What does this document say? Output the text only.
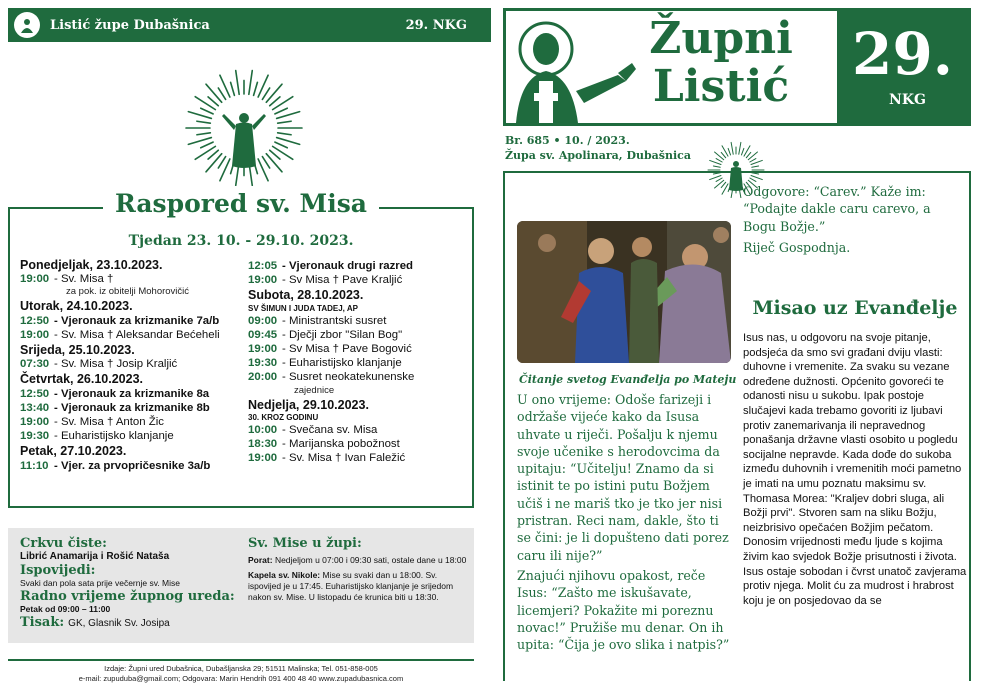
Listić župe Dubašnica	29. NKG
Raspored sv. Misa
Tjedan 23. 10. - 29.10. 2023.
Ponedjeljak, 23.10.2023.
19:00 - Sv. Misa †
za pok. iz obitelji Mohorovičić
Utorak, 24.10.2023.
12:50 - Vjeronauk za krizmanike 7a/b
19:00 - Sv. Misa † Aleksandar Bećeheli
Srijeda, 25.10.2023.
07:30 - Sv. Misa † Josip Kraljić
Četvrtak, 26.10.2023.
12:50 - Vjeronauk za krizmanike 8a
13:40 - Vjeronauk za krizmanike 8b
19:00 - Sv. Misa † Anton Žic
19:30 - Euharistijsko klanjanje
Petak, 27.10.2023.
11:10 - Vjer. za prvopričesnike 3a/b
12:05 - Vjeronauk drugi razred
19:00 - Sv Misa † Pave Kraljić
Subota, 28.10.2023.
SV ŠIMUN I JUDA TADEJ, AP
09:00 - Ministrantski susret
09:45 - Dječji zbor "Silan Bog"
19:00 - Sv Misa † Pave Bogović
19:30 - Euharistijsko klanjanje
20:00 - Susret neokatekunenske
zajednice
Nedjelja, 29.10.2023.
30. KROZ GODINU
10:00 - Svečana sv. Misa
18:30 - Marijanska pobožnost
19:00 - Sv. Misa † Ivan Faležić
Crkvu čiste:
Librić Anamarija i Rošić Nataša
Ispovijedi:
Svaki dan pola sata prije večernje sv. Mise
Radno vrijeme župnog ureda:
Petak od 09:00 – 11:00
Tisak: GK, Glasnik Sv. Josipa
Sv. Mise u župi:
Porat: Nedjeljom u 07:00 i 09:30 sati, ostale dane u 18:00
Kapela sv. Nikole: Mise su svaki dan u 18:00. Sv. ispovijed je u 17:45. Euharistijsko klanjanje je srijedom nakon sv. Mise. U listopadu će krunica biti u 18:30.
Izdaje: Župni ured Dubašnica, Dubašljanska 29; 51511 Malinska; Tel. 051-858-005
e-mail: zupuduba@gmail.com; Odgovara: Marin Hendrih 091 400 48 40 www.zupadubasnica.com
Župni
Listić	29.
NKG
Br. 685 • 10. / 2023.
Župa sv. Apolinara, Dubašnica
Čitanje svetog Evanđelja po Mateju

U ono vrijeme: Odoše farizeji i održaše vijeće kako da Isusa uhvate u riječi. Pošalju k njemu svoje učenike s herodovcima da upitaju: “Učitelju! Znamo da si istinit te po istini putu Božjem učiš i ne mariš tko je tko jer nisi pristran. Reci nam, dakle, što ti se čini: je li dopušteno dati porez caru ili nije?”

Znajući njihovu opakost, reče Isus: “Zašto me iskušavate, licemjeri? Pokažite mi poreznu novac!” Pružiše mu denar. On ih upita: “Čija je ovo slika i natpis?”

Odgovore: “Carev.” Kaže im: “Podajte dakle caru carevo, a Bogu Božje.”

Riječ Gospodnja.

Misao uz Evanđelje
Isus nas, u odgovoru na svoje pitanje, podsjeća da smo svi građani dviju vlasti: duhovne i vremenite. Za svaku su vezane određene dužnosti. Općenito govoreći te odanosti nisu u sukobu. Ipak postoje slučajevi kada trebamo govoriti iz ljubavi protiv zanemarivanja ili nepravednog ponašanja državne vlasti osobito u pogledu socijalne nepravde. Kada dođe do sukoba između duhovnih i vremenitih moći pametno je imati na umu poznatu maksimu sv. Thomasa Morea: "Kraljev dobri sluga, ali Božji prvi". Stvoren sam na sliku Božju, neizbrisivo opečaćen Božjim pečatom. Donosim vrijednosti među ljude s kojima živim kao svjedok Božje prisutnosti i života. Isus ostaje sobodan i čvrst unatoč zavjerama protiv njega. Molit ću za mudrost i hrabrost koju je on posjedovao da se
